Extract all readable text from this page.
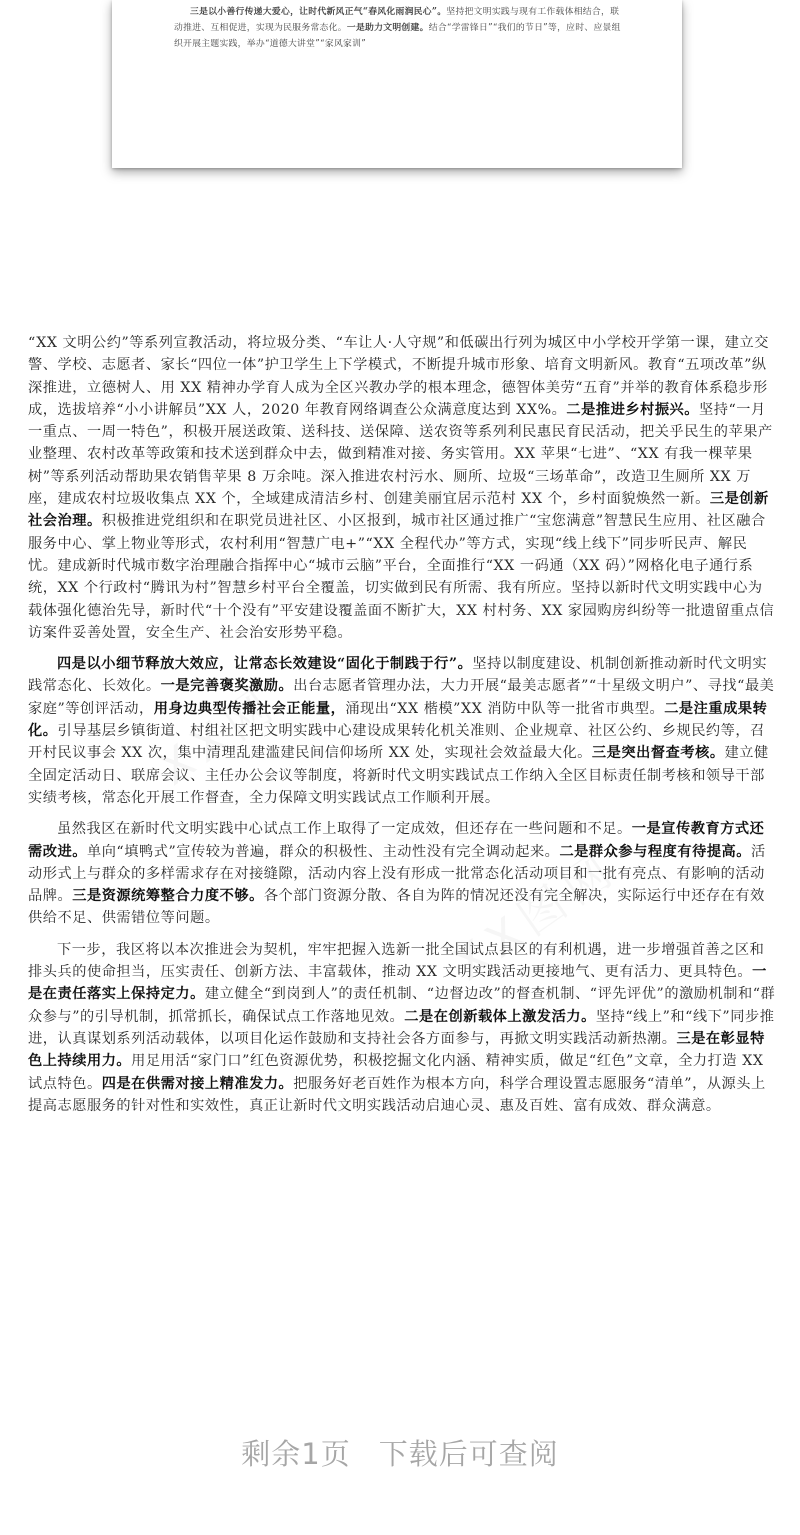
三是以小善行传递大爱心，让时代新风正气“春风化雨润民心”。坚持把文明实践与现有工作载体相结合，联动推进、互相促进，实现为民服务常态化。一是助力文明创建。结合“学雷锋日”“我们的节日”等，应时、应景组织开展主题实践，举办“道德大讲堂”“家风家训”

“XX 文明公约”等系列宣教活动，将垃圾分类、“车让人·人守规”和低碳出行列为城区中小学校开学第一课，建立交警、学校、志愿者、家长“四位一体”护卫学生上下学模式，不断提升城市形象、培育文明新风。教育“五项改革”纵深推进，立德树人、用 XX 精神办学育人成为全区兴教办学的根本理念，德智体美劳“五育”并举的教育体系稳步形成，选拔培养“小小讲解员”XX 人，2020 年教育网络调查公众满意度达到 XX%。二是推进乡村振兴。坚持“一月一重点、一周一特色”，积极开展送政策、送科技、送保障、送农资等系列利民惠民育民活动，把关乎民生的苹果产业整理、农村改革等政策和技术送到群众中去，做到精准对接、务实管用。XX 苹果“七进”、“XX 有我一棵苹果树”等系列活动帮助果农销售苹果 8 万余吨。深入推进农村污水、厕所、垃圾“三场革命”，改造卫生厕所 XX 万座，建成农村垃圾收集点 XX 个，全域建成清洁乡村、创建美丽宜居示范村 XX 个，乡村面貌焕然一新。三是创新社会治理。积极推进党组织和在职党员进社区、小区报到，城市社区通过推广“宝您满意”智慧民生应用、社区融合服务中心、掌上物业等形式，农村利用“智慧广电+”“XX 全程代办”等方式，实现“线上线下”同步听民声、解民忧。建成新时代城市数字治理融合指挥中心“城市云脑”平台，全面推行“XX 一码通（XX 码）”网格化电子通行系统，XX 个行政村“腾讯为村”智慧乡村平台全覆盖，切实做到民有所需、我有所应。坚持以新时代文明实践中心为载体强化德治先导，新时代“十个没有”平安建设覆盖面不断扩大，XX 村村务、XX 家园购房纠纷等一批遗留重点信访案件妥善处置，安全生产、社会治安形势平稳。

四是以小细节释放大效应，让常态长效建设“固化于制践于行”。坚持以制度建设、机制创新推动新时代文明实践常态化、长效化。一是完善褒奖激励。出台志愿者管理办法，大力开展“最美志愿者”“十星级文明户”、寻找“最美家庭”等创评活动，用身边典型传播社会正能量，涌现出“XX 楷模”XX 消防中队等一批省市典型。二是注重成果转化。引导基层乡镇街道、村组社区把文明实践中心建设成果转化机关准则、企业规章、社区公约、乡规民约等，召开村民议事会 XX 次，集中清理乱建滥建民间信仰场所 XX 处，实现社会效益最大化。三是突出督查考核。建立健全固定活动日、联席会议、主任办公会议等制度，将新时代文明实践试点工作纳入全区目标责任制考核和领导干部实绩考核，常态化开展工作督查，全力保障文明实践试点工作顺利开展。

虽然我区在新时代文明实践中心试点工作上取得了一定成效，但还存在一些问题和不足。一是宣传教育方式还需改进。单向“填鸭式”宣传较为普遍，群众的积极性、主动性没有完全调动起来。二是群众参与程度有待提高。活动形式上与群众的多样需求存在对接缝隙，活动内容上没有形成一批常态化活动项目和一批有亮点、有影响的活动品牌。三是资源统筹整合力度不够。各个部门资源分散、各自为阵的情况还没有完全解决，实际运行中还存在有效供给不足、供需错位等问题。

下一步，我区将以本次推进会为契机，牢牢把握入选新一批全国试点县区的有利机遇，进一步增强首善之区和排头兵的使命担当，压实责任、创新方法、丰富载体，推动 XX 文明实践活动更接地气、更有活力、更具特色。一是在责任落实上保持定力。建立健全“到岗到人”的责任机制、“边督边改”的督查机制、“评先评优”的激励机制和“群众参与”的引导机制，抓常抓长，确保试点工作落地见效。二是在创新载体上激发活力。坚持“线上”和“线下”同步推进，认真谋划系列活动载体，以项目化运作鼓励和支持社会各方面参与，再掀文明实践活动新热潮。三是在彰显特色上持续用力。用足用活“家门口”红色资源优势，积极挖掘文化内涵、精神实质，做足“红色”文章，全力打造 XX 试点特色。四是在供需对接上精准发力。把服务好老百姓作为根本方向，科学合理设置志愿服务“清单”，从源头上提高志愿服务的针对性和实效性，真正让新时代文明实践活动启迪心灵、惠及百姓、富有成效、群众满意。

剩余1页 下载后可查阅
